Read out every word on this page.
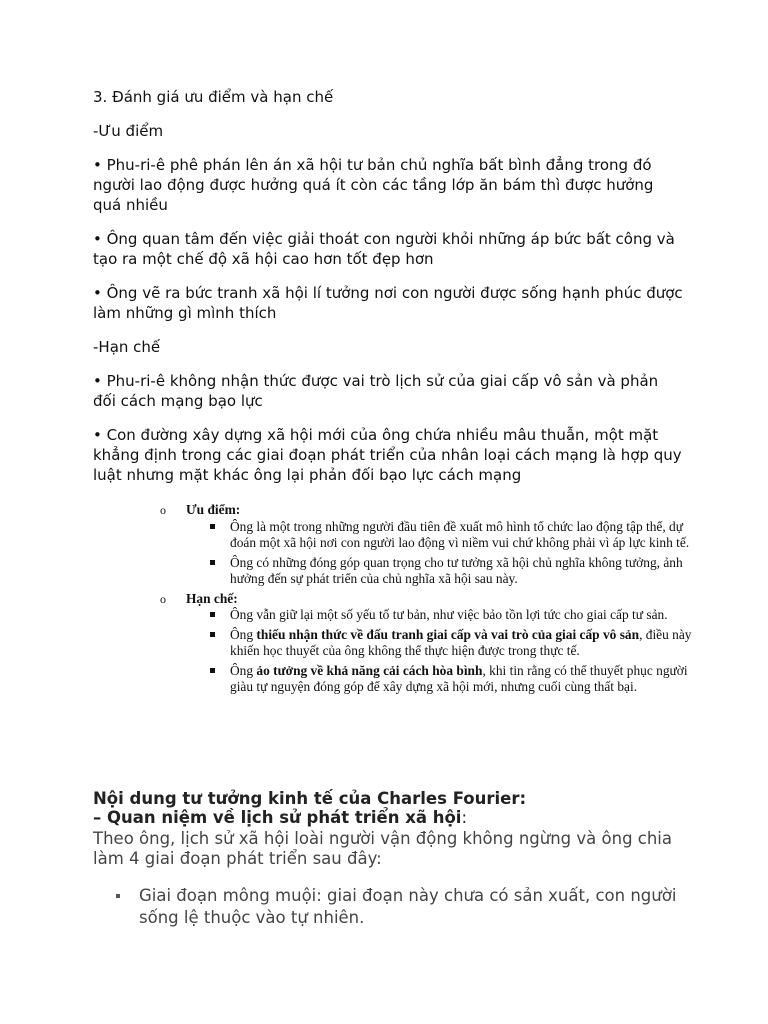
3. Đánh giá ưu điểm và hạn chế

-Ưu điểm

• Phu-ri-ê phê phán lên án xã hội tư bản chủ nghĩa bất bình đẳng trong đó người lao động được hưởng quá ít còn các tầng lớp ăn bám thì được hưởng quá nhiều

• Ông quan tâm đến việc giải thoát con người khỏi những áp bức bất công và tạo ra một chế độ xã hội cao hơn tốt đẹp hơn

• Ông vẽ ra bức tranh xã hội lí tưởng nơi con người được sống hạnh phúc được làm những gì mình thích

-Hạn chế

• Phu-ri-ê không nhận thức được vai trò lịch sử của giai cấp vô sản và phản đối cách mạng bạo lực

• Con đường xây dựng xã hội mới của ông chứa nhiều mâu thuẫn, một mặt khẳng định trong các giai đoạn phát triển của nhân loại cách mạng là hợp quy luật nhưng mặt khác ông lại phản đối bạo lực cách mạng

o Ưu điểm:
Ông là một trong những người đầu tiên đề xuất mô hình tổ chức lao động tập thể, dự đoán một xã hội nơi con người lao động vì niềm vui chứ không phải vì áp lực kinh tế.
Ông có những đóng góp quan trọng cho tư tưởng xã hội chủ nghĩa không tưởng, ảnh hưởng đến sự phát triển của chủ nghĩa xã hội sau này.
o Hạn chế:
Ông vẫn giữ lại một số yếu tố tư bản, như việc bảo tồn lợi tức cho giai cấp tư sản.
Ông thiếu nhận thức về đấu tranh giai cấp và vai trò của giai cấp vô sản, điều này khiến học thuyết của ông không thể thực hiện được trong thực tế.
Ông ảo tưởng về khả năng cải cách hòa bình, khi tin rằng có thể thuyết phục người giàu tự nguyện đóng góp để xây dựng xã hội mới, nhưng cuối cùng thất bại.

Nội dung tư tưởng kinh tế của Charles Fourier:

– Quan niệm về lịch sử phát triển xã hội:

Theo ông, lịch sử xã hội loài người vận động không ngừng và ông chia làm 4 giai đoạn phát triển sau đây:

Giai đoạn mông muội: giai đoạn này chưa có sản xuất, con người sống lệ thuộc vào tự nhiên.
